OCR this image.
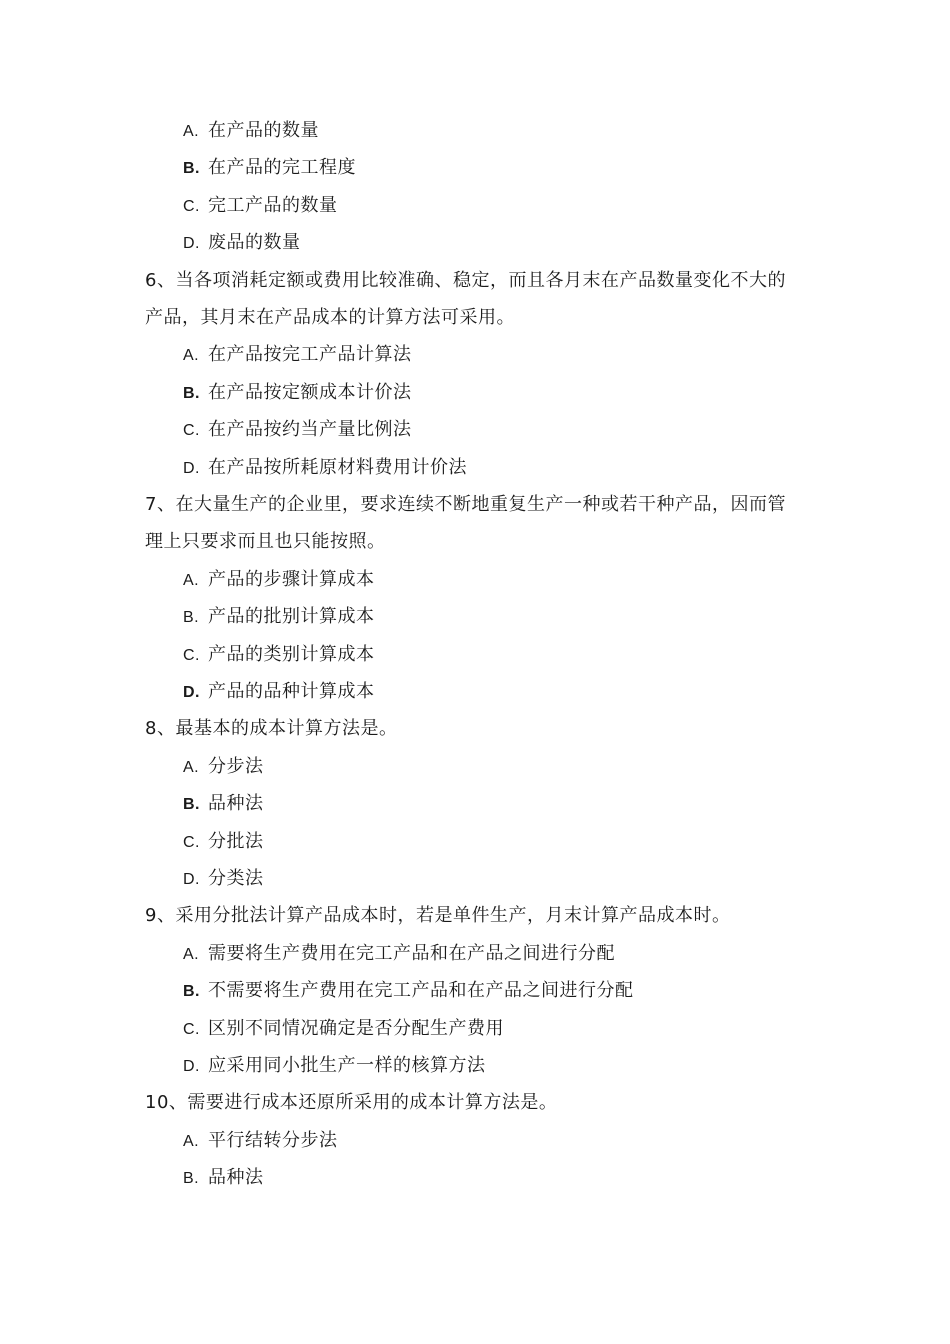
A. 在产品的数量
B. 在产品的完工程度
C. 完工产品的数量
D. 废品的数量
6、当各项消耗定额或费用比较准确、稳定，而且各月末在产品数量变化不大的
产品，其月末在产品成本的计算方法可采用。
A. 在产品按完工产品计算法
B. 在产品按定额成本计价法
C. 在产品按约当产量比例法
D. 在产品按所耗原材料费用计价法
7、在大量生产的企业里，要求连续不断地重复生产一种或若干种产品，因而管
理上只要求而且也只能按照。
A. 产品的步骤计算成本
B. 产品的批别计算成本
C. 产品的类别计算成本
D. 产品的品种计算成本
8、最基本的成本计算方法是。
A. 分步法
B. 品种法
C. 分批法
D. 分类法
9、采用分批法计算产品成本时，若是单件生产，月末计算产品成本时。
A. 需要将生产费用在完工产品和在产品之间进行分配
B. 不需要将生产费用在完工产品和在产品之间进行分配
C. 区别不同情况确定是否分配生产费用
D. 应采用同小批生产一样的核算方法
10、需要进行成本还原所采用的成本计算方法是。
A. 平行结转分步法
B. 品种法
